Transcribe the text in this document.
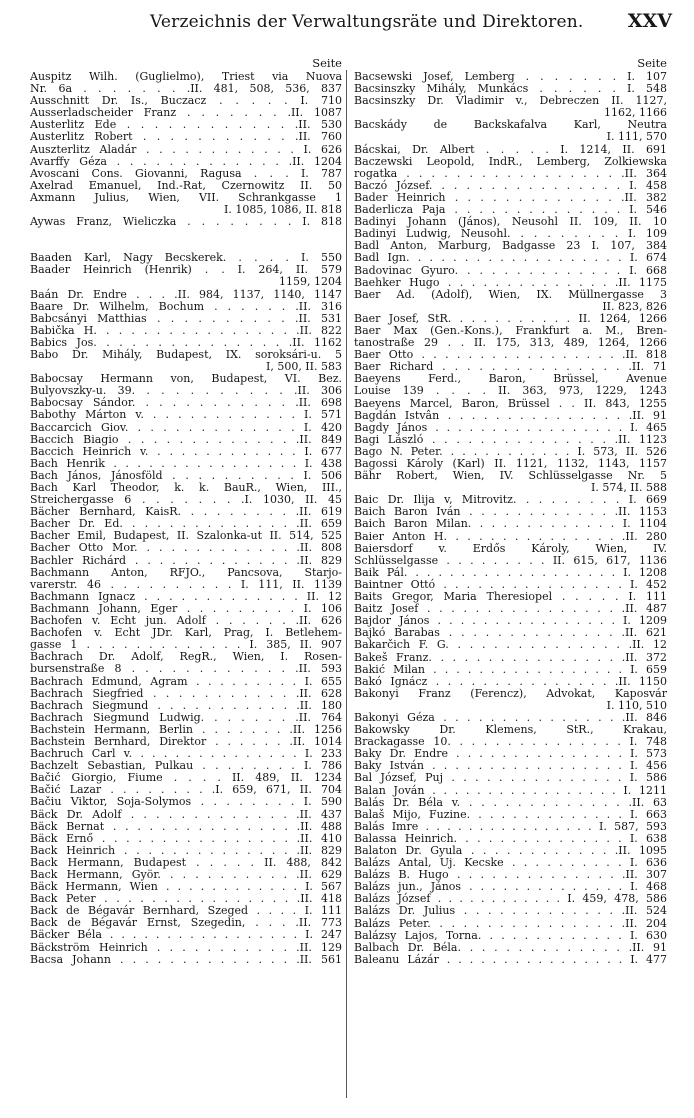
Verzeichnis der Verwaltungsräte und Direktoren. XXV
Seite
Auspitz Wilh. (Guglielmo), Triest via Nuova
Nr. 6a . . . . . . . .II. 481, 508, 536, 837
Ausschnitt Dr. Is., Buczacz . . . . . I. 710
Ausserladscheider Franz . . . . . . . .II. 1087
Austerlitz Ede . . . . . . . . . . . . .II. 530
Austerlitz Robert . . . . . . . . . . . .II. 760
Auszterlitz Aladár . . . . . . . . . . . . I. 626
Avarffy Géza . . . . . . . . . . . . . .II. 1204
Avoscani Cons. Giovanni, Ragusa . . . I. 787
Axelrad Emanuel, Ind.-Rat, Czernowitz II. 50
Axmann Julius, Wien, VII. Schrankgasse 1
I. 1085, 1086, II. 818
Aywas Franz, Wieliczka . . . . . . . . I. 818
Baaden Karl, Nagy Becskerek. . . . . I. 550
Baader Heinrich (Henrik) . . I. 264, II. 579
1159, 1204
Baán Dr. Endre . . . .II. 984, 1137, 1140, 1147
Baare Dr. Wilhelm, Bochum . . . . . . .II. 316
Babcsányi Matthias . . . . . . . . . . .II. 531
Babička H. . . . . . . . . . . . . . . . .II. 822
Babics Jos. . . . . . . . . . . . . . . .II. 1162
Babo Dr. Mihály, Budapest, IX. soroksári-u. 5
I, 500, II. 583
Babocsay Hermann von, Budapest, VI. Bez.
Bulyovszky-u. 39. . . . . . . . . . . .II. 306
Babocsay Sándor. . . . . . . . . . . . .II. 698
Babothy Márton v. . . . . . . . . . . . . I. 571
Baccarcich Giov. . . . . . . . . . . . . . I. 420
Baccich Biagio . . . . . . . . . . . . . .II. 849
Baccich Heinrich v. . . . . . . . . . . . . I. 677
Bach Henrik . . . . . . . . . . . . . . . . I. 438
Bach János, Jánosföld . . . . . . . . . . I. 506
Bach Karl Theodor, k. k. BauR., Wien, III.,
Streichergasse 6 . . . . . . . .I. 1030, II. 45
Bächer Bernhard, KaisR. . . . . . . . . .II. 619
Bacher Dr. Ed. . . . . . . . . . . . . . .II. 659
Bacher Emil, Budapest, II. Szalonka-ut II. 514, 525
Bacher Otto Mor. . . . . . . . . . . . . .II. 808
Bachler Richárd . . . . . . . . . . . . . .II. 829
Bachmann Anton, RFJO., Pancsova, Starjo-
varerstr. 46 . . . . . . . . . . I. 111, II. 1139
Bachmann Ignacz . . . . . . . . . . . . . II. 12
Bachmann Johann, Eger . . . . . . . . . I. 106
Bachofen v. Echt jun. Adolf . . . . . . .II. 626
Bachofen v. Echt JDr. Karl, Prag, I. Betlehem-
gasse 1 . . . . . . . . . . . . . I. 385, II. 907
Bachrach Dr. Adolf, RegR., Wien, I. Rosen-
bursenstraße 8 . . . . . . . . . . . . .II. 593
Bachrach Edmund, Agram . . . . . . . . . I. 655
Bachrach Siegfried . . . . . . . . . . . .II. 628
Bachrach Siegmund . . . . . . . . . . . .II. 180
Bachrach Siegmund Ludwig. . . . . . . .II. 764
Bachstein Hermann, Berlin . . . . . . . .II. 1256
Bachstein Bernhard, Direktor . . . . . . .II. 1014
Bachruch Carl v. . . . . . . . . . . . . . . I. 233
Bachzelt Sebastian, Pulkau . . . . . . . . I. 786
Bačić Giorgio, Fiume . . . . II. 489, II. 1234
Bačić Lazar . . . . . . . . .I. 659, 671, II. 704
Bačiu Viktor, Soja-Solymos . . . . . . . . I. 590
Bäck Dr. Adolf . . . . . . . . . . . . . .II. 437
Bäck Bernat . . . . . . . . . . . . . . . .II. 488
Bäck Ernő . . . . . . . . . . . . . . . . .II. 410
Back Heinrich . . . . . . . . . . . . . . .II. 829
Back Hermann, Budapest . . . . . II. 488, 842
Back Hermann, Györ. . . . . . . . . . . .II. 629
Bäck Hermann, Wien . . . . . . . . . . . . I. 567
Back Peter . . . . . . . . . . . . . . . . .II. 418
Back de Bégavár Bernhard, Szeged . . . . I. 111
Back de Bégavár Ernst, Szegedin, . . . .II. 773
Bäcker Béla . . . . . . . . . . . . . . . . . I. 247
Bäckström Heinrich . . . . . . . . . . . .II. 129
Bacsa Johann . . . . . . . . . . . . . . .II. 561
Seite
Bacsewski Josef, Lemberg . . . . . . . I. 107
Bacsinszky Mihály, Munkács . . . . . . I. 548
Bacsinszky Dr. Vladimir v., Debreczen II. 1127,
1162, 1166
Bacskády de Backskafalva Karl, Neutra
I. 111, 570
Bácskai, Dr. Albert . . . . . I. 1214, II. 691
Baczewski Leopold, IndR., Lemberg, Zolkiewska
rogatka . . . . . . . . . . . . . . . . . .II. 364
Baczó József. . . . . . . . . . . . . . . . I. 458
Bader Heinrich . . . . . . . . . . . . . .II. 382
Baderlicza Paja . . . . . . . . . . . . . . I. 546
Badinyi Johann (János), Neusohl II. 109, II. 10
Badinyi Ludwig, Neusohl. . . . . . . . . I. 109
Badl Anton, Marburg, Badgasse 23 I. 107, 384
Badl Ign. . . . . . . . . . . . . . . . . . . I. 674
Badovinac Gyuro. . . . . . . . . . . . . . I. 668
Baehker Hugo . . . . . . . . . . . . . . .II. 1175
Baer Ad. (Adolf), Wien, IX. Müllnergasse 3
II. 823, 826
Baer Josef, StR. . . . . . . . . . . II. 1264, 1266
Baer Max (Gen.-Kons.), Frankfurt a. M., Bren-
tanostraße 29 . . II. 175, 313, 489, 1264, 1266
Baer Otto . . . . . . . . . . . . . . . . . .II. 818
Baer Richard . . . . . . . . . . . . . . . .II. 71
Baeyens Ferd., Baron, Brüssel, Avenue
Louise 139 . . . . II. 363, 973, 1229, 1243
Baeyens Marcel, Baron, Brüssel . . II. 843, 1255
Bagdán Istvân . . . . . . . . . . . . . . . .II. 91
Bagdy János . . . . . . . . . . . . . . . . . I. 465
Bagi László . . . . . . . . . . . . . . . .II. 1123
Bago N. Peter. . . . . . . . . . . . I. 573, II. 526
Bagossi Károly (Karl) II. 1121, 1132, 1143, 1157
Bähr Robert, Wien, IV. Schlüsselgasse Nr. 5
I. 574, II. 588
Baic Dr. Ilija v, Mitrovitz. . . . . . . . . I. 669
Baich Baron Iván . . . . . . . . . . . . .II. 1153
Baich Baron Milan. . . . . . . . . . . . . I. 1104
Baier Anton H. . . . . . . . . . . . . . . .II. 280
Baiersdorf v. Erdős Károly, Wien, IV.
Schlüsselgasse . . . . . . . . . II. 615, 617, 1136
Baik Pál. . . . . . . . . . . . . . . . . . . I. 1208
Baintner Ottó . . . . . . . . . . . . . . . . I. 452
Baits Gregor, Maria Theresiopel . . . . . I. 111
Baitz Josef . . . . . . . . . . . . . . . . .II. 487
Bajdor János . . . . . . . . . . . . . . . . I. 1209
Bajkó Barabas . . . . . . . . . . . . . . .II. 621
Bakarčich F. G. . . . . . . . . . . . . . . .II. 12
Bakeš Franz. . . . . . . . . . . . . . . . .II. 372
Bakić Milan . . . . . . . . . . . . . . . . . I. 659
Bakó Ignácz . . . . . . . . . . . . . . . .II. 1150
Bakonyi Franz (Ferencz), Advokat, Kaposvár
I. 110, 510
Bakonyi Géza . . . . . . . . . . . . . . . .II. 846
Bakowsky Dr. Klemens, StR., Krakau,
Brackagasse 10. . . . . . . . . . . . . . . I. 748
Baky Dr. Endre . . . . . . . . . . . . . . . I. 573
Baky István . . . . . . . . . . . . . . . . . I. 456
Bal József, Puj . . . . . . . . . . . . . . . I. 586
Balan Jován . . . . . . . . . . . . . . . . . I. 1211
Balás Dr. Béla v. . . . . . . . . . . . . . .II. 63
Balaš Mijo, Fuzine. . . . . . . . . . . . . . I. 663
Balás Imre . . . . . . . . . . . . . . . . I. 587, 593
Balassa Heinrich. . . . . . . . . . . . . . . I. 638
Balaton Dr. Gyula . . . . . . . . . . . . .II. 1095
Balázs Antal, Uj. Kecske . . . . . . . . . . I. 636
Balázs B. Hugo . . . . . . . . . . . . . . .II. 307
Balázs jun., János . . . . . . . . . . . . . . I. 468
Balázs József . . . . . . . . . . . . I. 459, 478, 586
Balázs Dr. Julius . . . . . . . . . . . . . .II. 524
Balázs Peter. . . . . . . . . . . . . . . . .II. 204
Balázsy Lajos, Torna. . . . . . . . . . . . . I. 630
Balbach Dr. Béla. . . . . . . . . . . . . . .II. 91
Baleanu Lázár . . . . . . . . . . . . . . . . I. 477
